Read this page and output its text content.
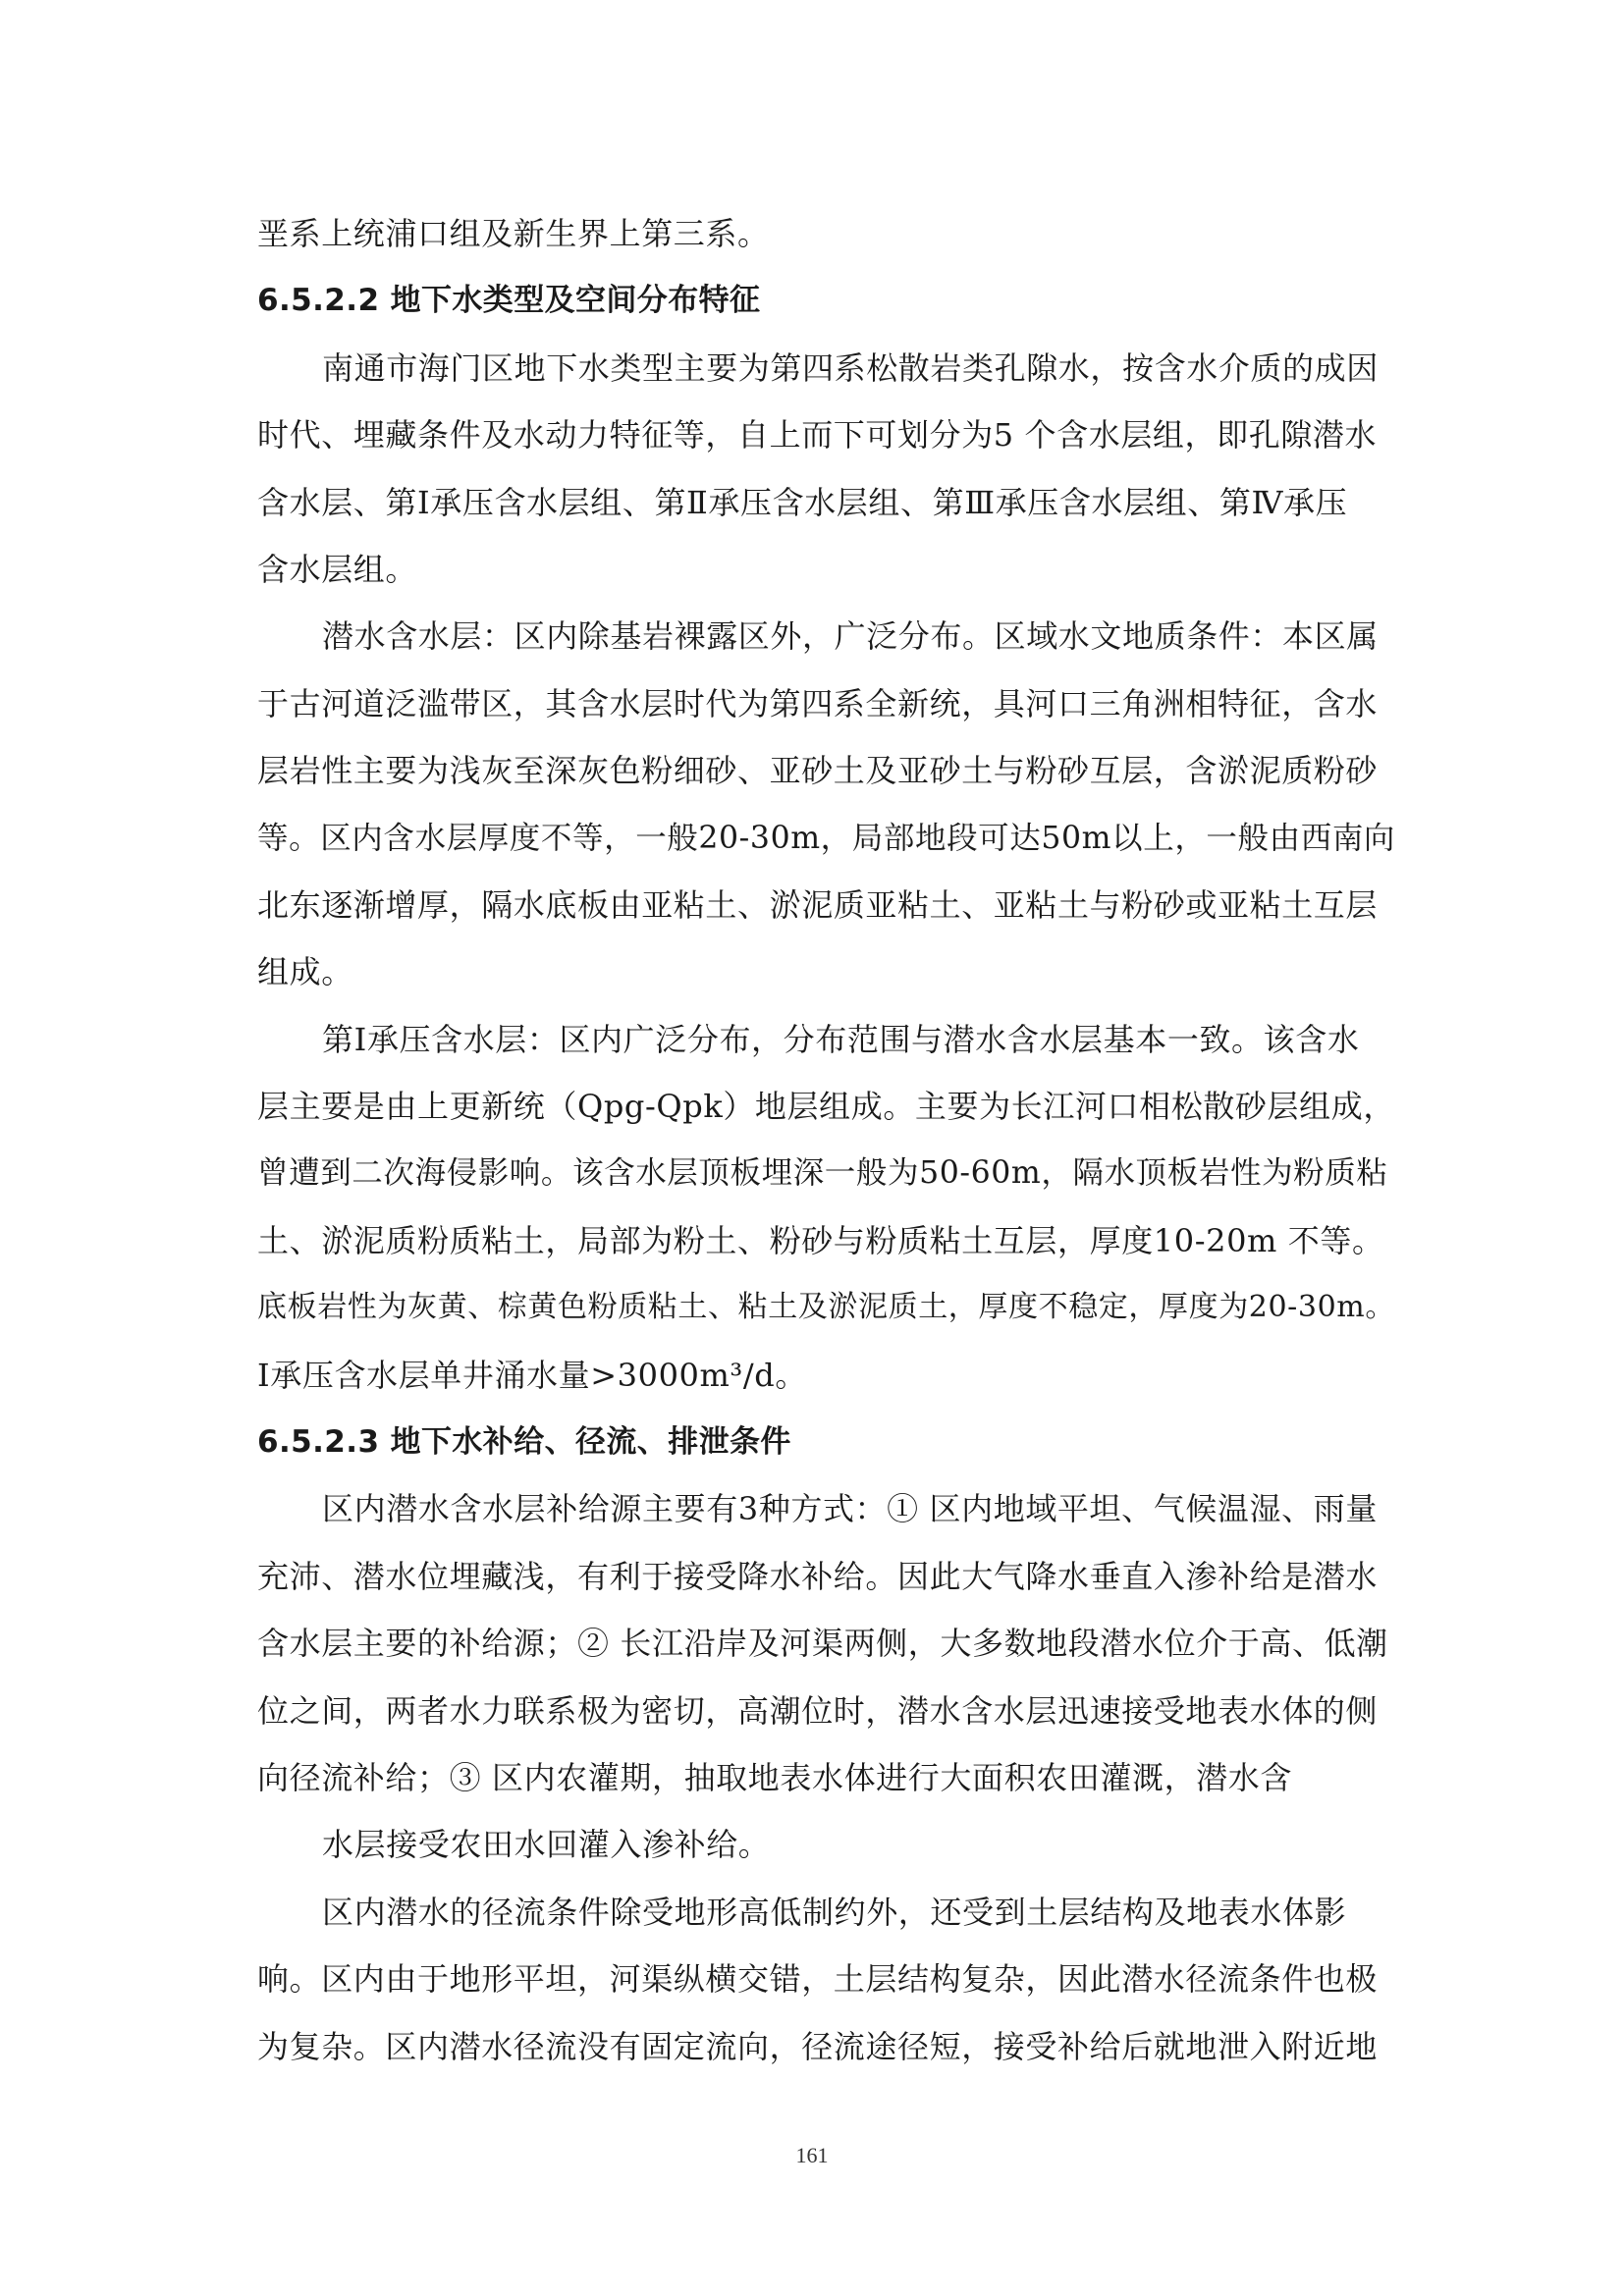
垩系上统浦口组及新生界上第三系。

6.5.2.2 地下水类型及空间分布特征

南通市海门区地下水类型主要为第四系松散岩类孔隙水，按含水介质的成因

时代、埋藏条件及水动力特征等，自上而下可划分为5 个含水层组，即孔隙潜水

含水层、第Ⅰ承压含水层组、第Ⅱ承压含水层组、第Ⅲ承压含水层组、第Ⅳ承压

含水层组。

潜水含水层：区内除基岩裸露区外，广泛分布。区域水文地质条件：本区属

于古河道泛滥带区，其含水层时代为第四系全新统，具河口三角洲相特征，含水

层岩性主要为浅灰至深灰色粉细砂、亚砂土及亚砂土与粉砂互层，含淤泥质粉砂

等。区内含水层厚度不等，一般20-30m，局部地段可达50m以上，一般由西南向

北东逐渐增厚，隔水底板由亚粘土、淤泥质亚粘土、亚粘土与粉砂或亚粘土互层

组成。

第Ⅰ承压含水层：区内广泛分布，分布范围与潜水含水层基本一致。该含水

层主要是由上更新统（Qpg-Qpk）地层组成。主要为长江河口相松散砂层组成，

曾遭到二次海侵影响。该含水层顶板埋深一般为50-60m，隔水顶板岩性为粉质粘

土、淤泥质粉质粘土，局部为粉土、粉砂与粉质粘土互层，厚度10-20m 不等。

底板岩性为灰黄、棕黄色粉质粘土、粘土及淤泥质土，厚度不稳定，厚度为20-30m。

Ⅰ承压含水层单井涌水量>3000m³/d。

6.5.2.3 地下水补给、径流、排泄条件

区内潜水含水层补给源主要有3种方式：① 区内地域平坦、气候温湿、雨量

充沛、潜水位埋藏浅，有利于接受降水补给。因此大气降水垂直入渗补给是潜水

含水层主要的补给源；② 长江沿岸及河渠两侧，大多数地段潜水位介于高、低潮

位之间，两者水力联系极为密切，高潮位时，潜水含水层迅速接受地表水体的侧

向径流补给；③ 区内农灌期，抽取地表水体进行大面积农田灌溉，潜水含

水层接受农田水回灌入渗补给。

区内潜水的径流条件除受地形高低制约外，还受到土层结构及地表水体影

响。区内由于地形平坦，河渠纵横交错，土层结构复杂，因此潜水径流条件也极

为复杂。区内潜水径流没有固定流向，径流途径短，接受补给后就地泄入附近地

161
